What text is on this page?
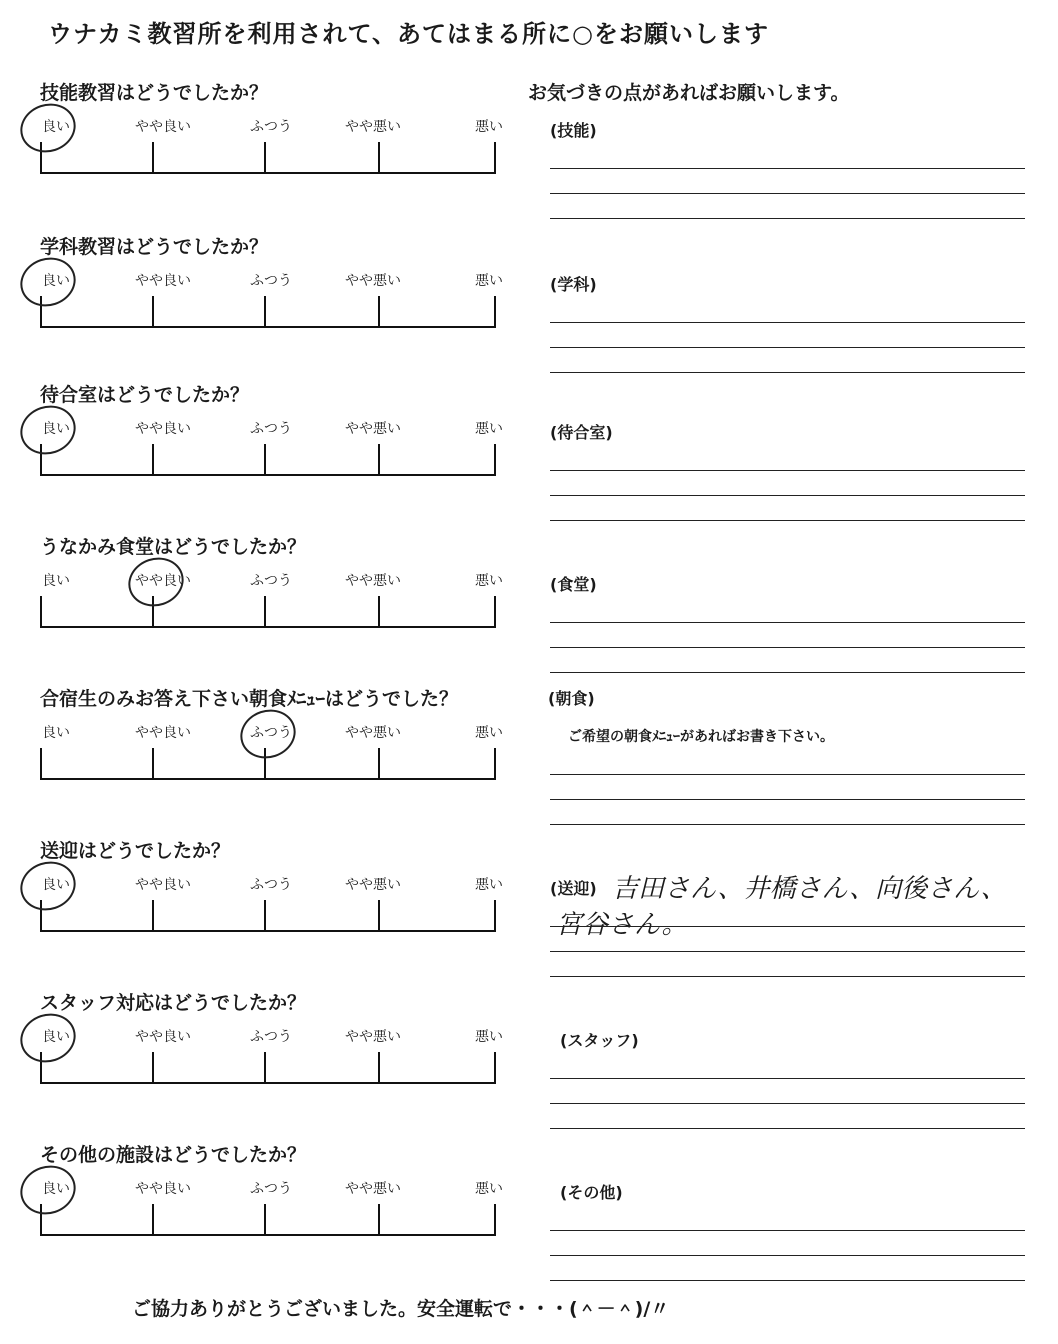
ウナカミ教習所を利用されて、あてはまる所に○をお願いします
お気づきの点があればお願いします。
技能教習はどうでしたか？
良い	やや良い	ふつう	やや悪い	悪い	(技能)
学科教習はどうでしたか？
良い	やや良い	ふつう	やや悪い	悪い	(学科)
待合室はどうでしたか？
良い	やや良い	ふつう	やや悪い	悪い	(待合室)
うなかみ食堂はどうでしたか？
良い	やや良い	ふつう	やや悪い	悪い	(食堂)
合宿生のみお答え下さい朝食ﾒﾆｭｰはどうでした？
良い	やや良い	ふつう	やや悪い	悪い
(朝食)
ご希望の朝食ﾒﾆｭｰがあればお書き下さい。
送迎はどうでしたか？
良い	やや良い	ふつう	やや悪い	悪い	(送迎) 吉田さん、井橋さん、向後さん、
宮谷さん。
スタッフ対応はどうでしたか？
良い	やや良い	ふつう	やや悪い	悪い	(スタッフ)
その他の施設はどうでしたか？
良い	やや良い	ふつう	やや悪い	悪い	(その他)
ご協力ありがとうございました。安全運転で・・・(＾－＾)/〃
